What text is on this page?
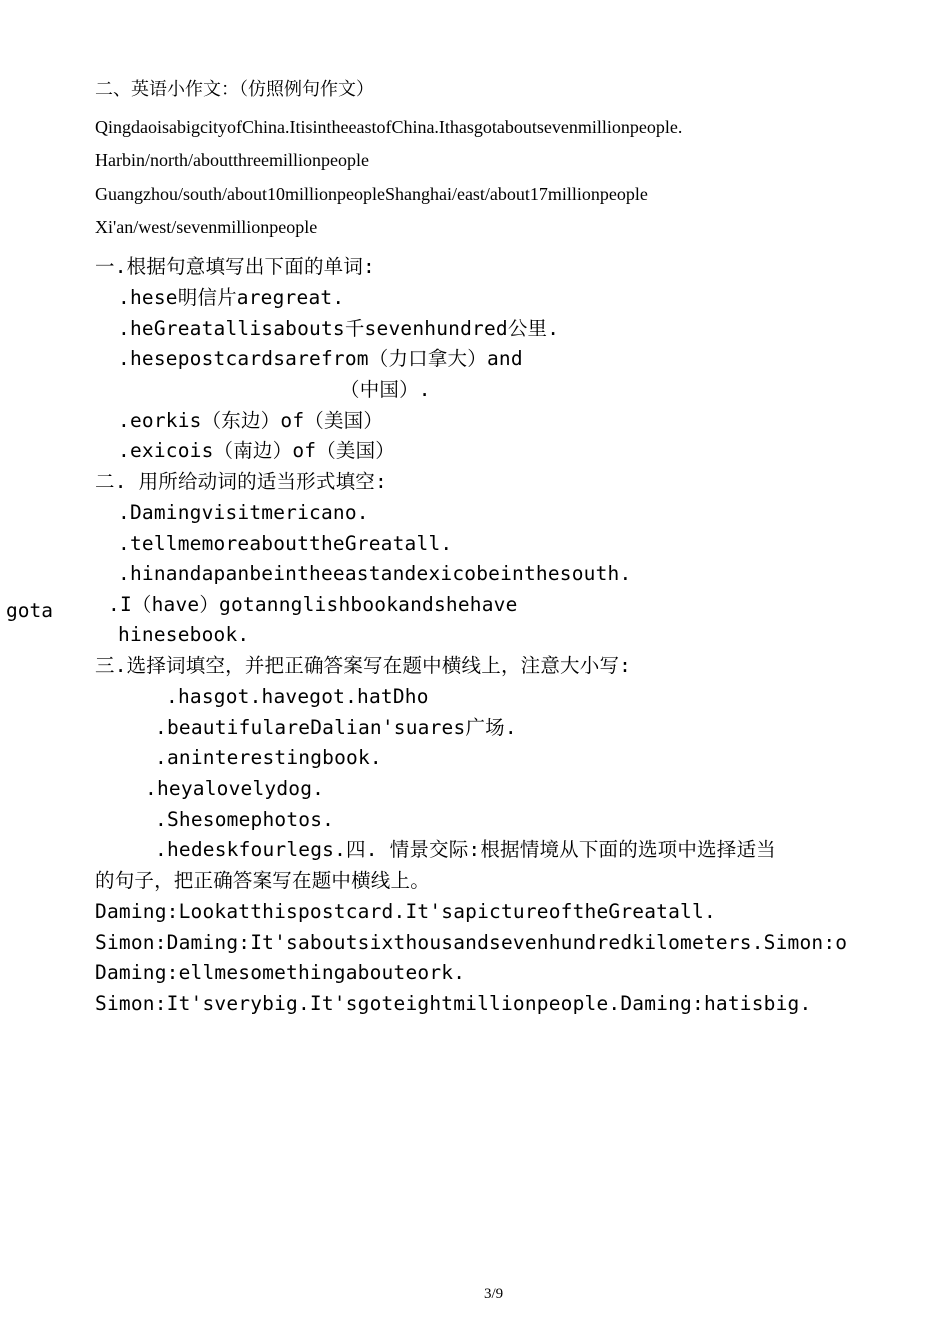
二、英语小作文：（仿照例句作文）
QingdaoisabigcityofChina.ItisintheeastofChina.Ithasgotaboutsevenmillionpeople.
Harbin/north/aboutthreemillionpeople
Guangzhou/south/about10millionpeopleShanghai/east/about17millionpeople
Xi'an/west/sevenmillionpeople
一.根据句意填写出下面的单词:
.hese明信片aregreat.
.heGreatallisabouts千sevenhundred公里.
.hesepostcardsarefrom（力口拿大）and
（中国）.
.eorkis（东边）of（美国）
.exicois（南边）of（美国）
二. 用所给动词的适当形式填空:
.Damingvisitmericano.
.tellmemoreabouttheGreatall.
.hinandapanbeintheeastandexicobeinthesouth.
gota	.I（have）gotannglishbookandshehave
hinesebook.
三.选择词填空，并把正确答案写在题中横线上，注意大小写:
.hasgot.havegot.hatDho
.beautifulareDalian'suares广场.
.aninterestingbook.
.heyalovelydog.
.Shesomephotos.
.hedeskfourlegs.四. 情景交际:根据情境从下面的选项中选择适当
的句子，把正确答案写在题中横线上。
Daming:Lookatthispostcard.It'sapictureoftheGreatall.
Simon:Daming:It'saboutsixthousandsevenhundredkilometers.Simon:o
Daming:ellmesomethingabouteork.
Simon:It'sverybig.It'sgoteightmillionpeople.Daming:hatisbig.
3/9
